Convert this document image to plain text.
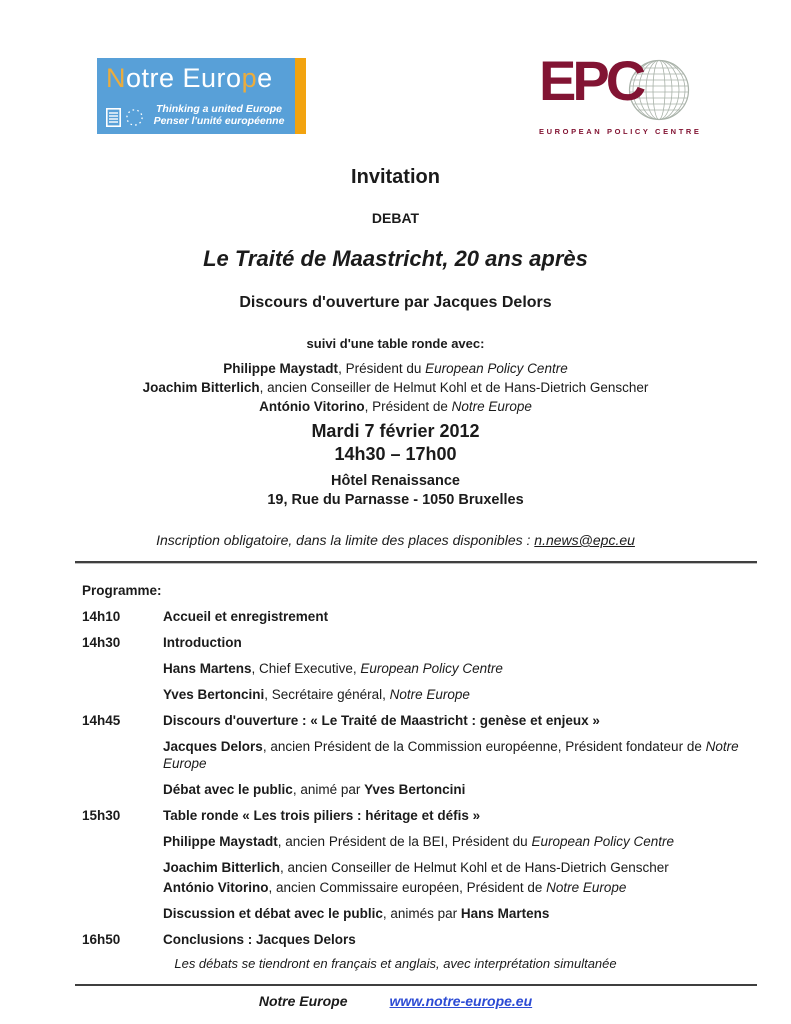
Notre Europe
Thinking a united Europe
Penser l'unité européenne
EPC
EUROPEAN POLICY CENTRE
Invitation
DEBAT
Le Traité de Maastricht, 20 ans après
Discours d'ouverture par Jacques Delors
suivi d'une table ronde avec:
Philippe Maystadt, Président du European Policy Centre
Joachim Bitterlich, ancien Conseiller de Helmut Kohl et de Hans-Dietrich Genscher
António Vitorino, Président de Notre Europe
Mardi 7 février 2012
14h30 – 17h00
Hôtel Renaissance
19, Rue du Parnasse - 1050 Bruxelles
Inscription obligatoire, dans la limite des places disponibles : n.news@epc.eu
Programme:
14h10	Accueil et enregistrement
14h30	Introduction
Hans Martens, Chief Executive, European Policy Centre
Yves Bertoncini, Secrétaire général, Notre Europe
14h45	Discours d'ouverture : « Le Traité de Maastricht : genèse et enjeux »
Jacques Delors, ancien Président de la Commission européenne, Président fondateur de Notre Europe
Débat avec le public, animé par Yves Bertoncini
15h30	Table ronde « Les trois piliers : héritage et défis »
Philippe Maystadt, ancien Président de la BEI, Président du European Policy Centre
Joachim Bitterlich, ancien Conseiller de Helmut Kohl et de Hans-Dietrich Genscher
António Vitorino, ancien Commissaire européen, Président de Notre Europe
Discussion et débat avec le public, animés par Hans Martens
16h50	Conclusions : Jacques Delors
Les débats se tiendront en français et anglais, avec interprétation simultanée
Notre Europe	www.notre-europe.eu
